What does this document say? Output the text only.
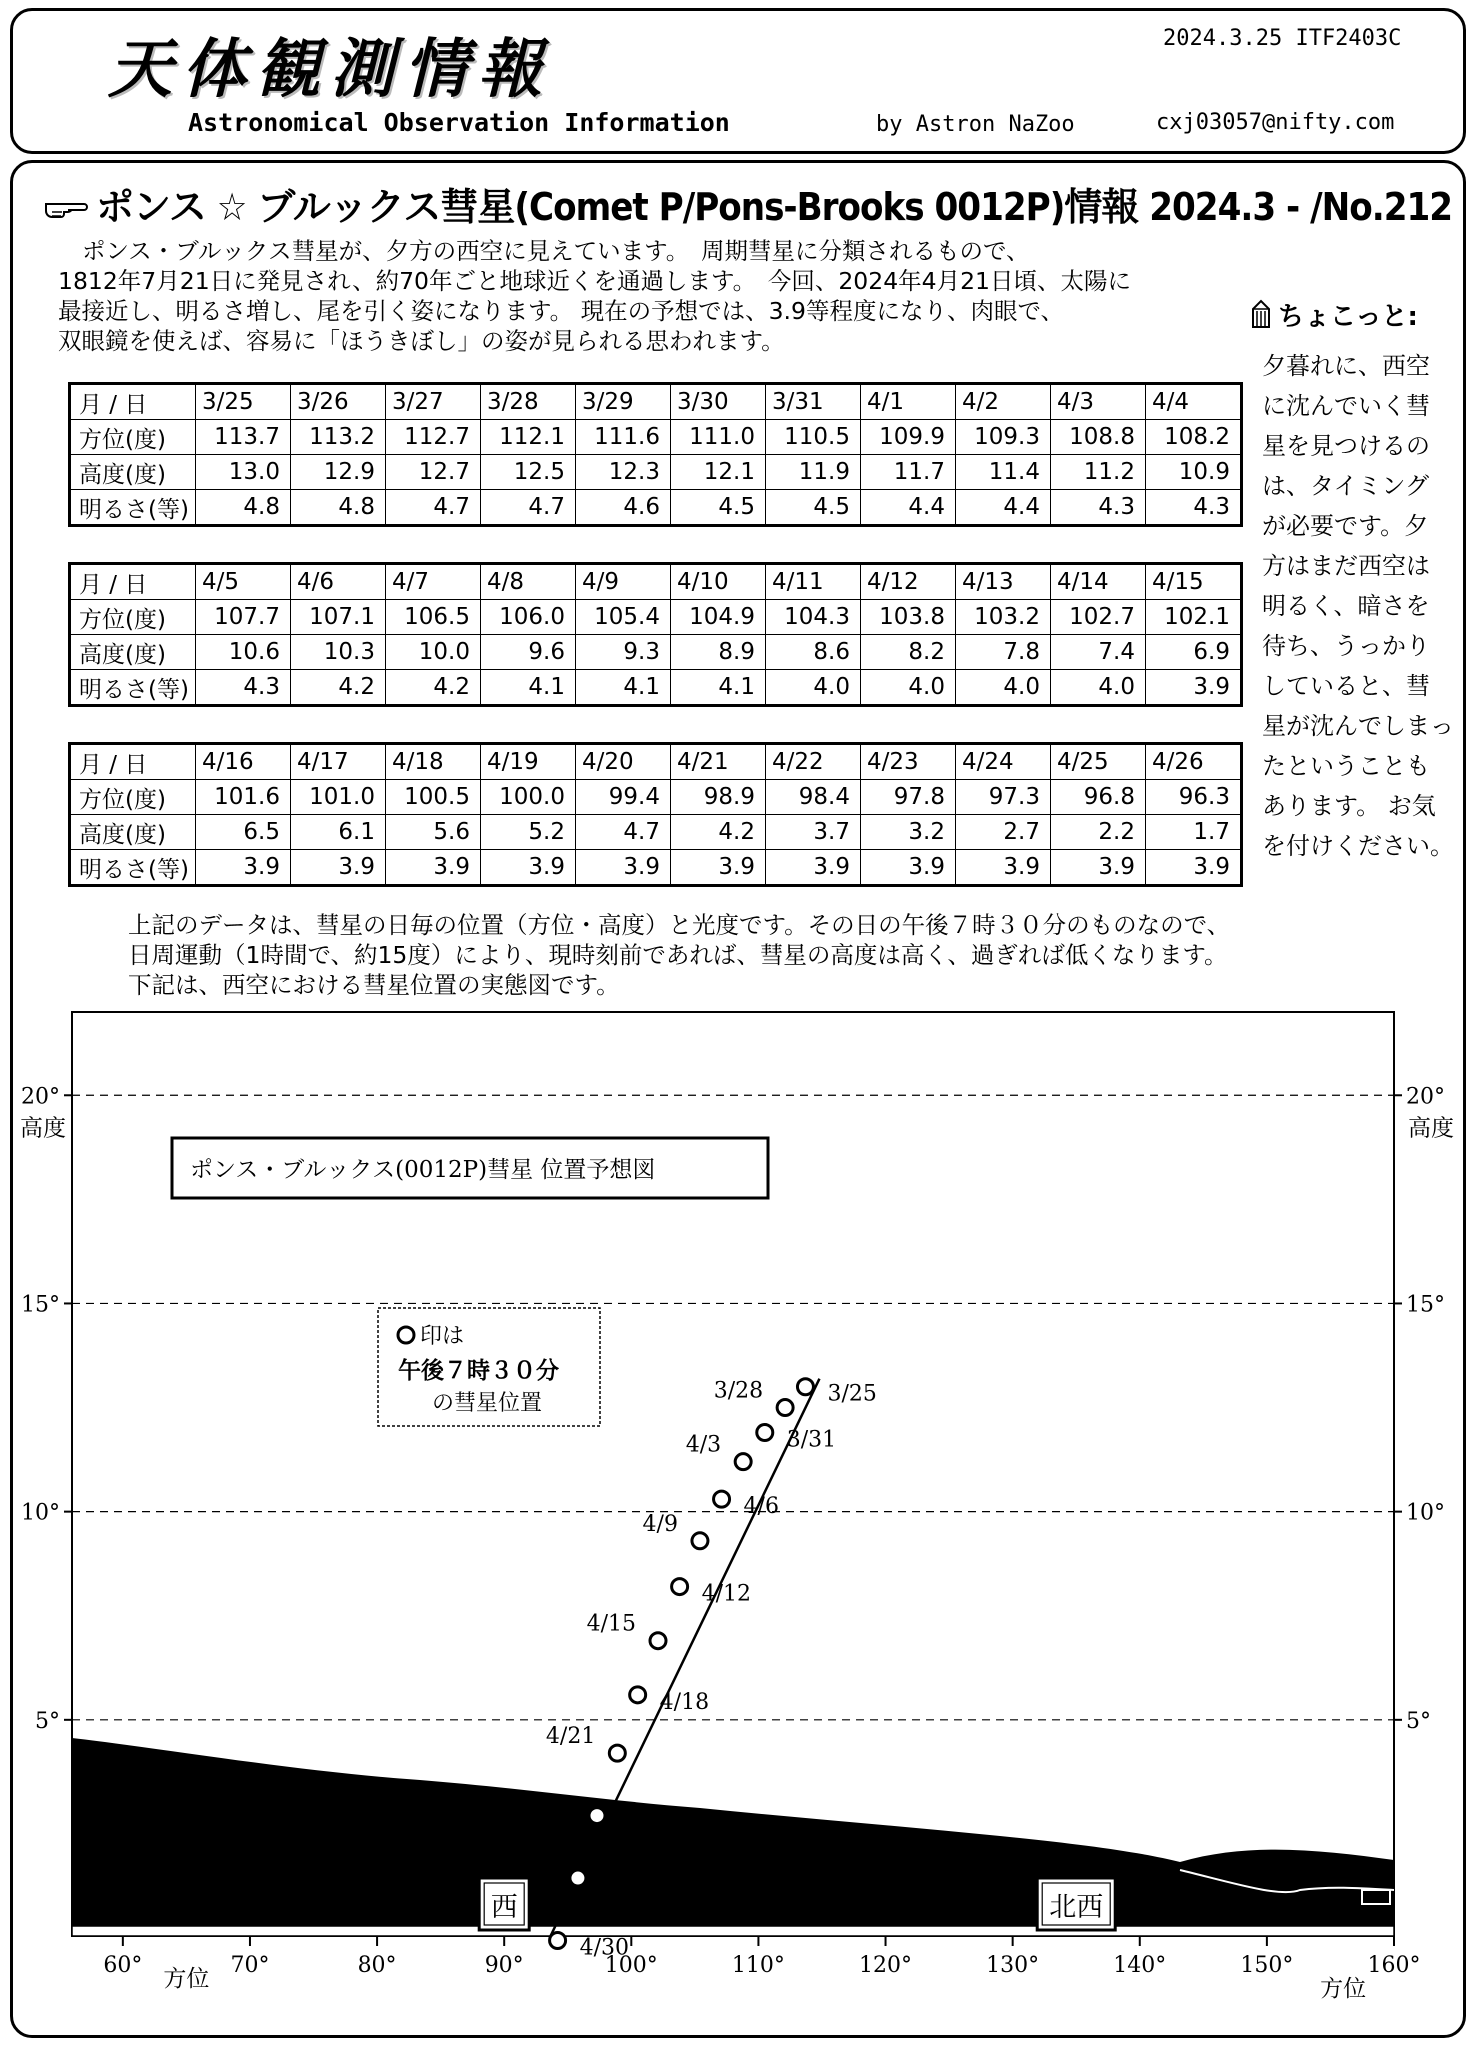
天体観測情報
Astronomical Observation Information	by Astron NaZoo	cxj03057@nifty.com
2024.3.25 ITF2403C
ポンス ☆ ブルックス彗星(Comet P/Pons-Brooks 0012P)情報 2024.3 - /No.212
ポンス・ブルックス彗星が、夕方の西空に見えています。　周期彗星に分類されるもので、
1812年7月21日に発見され、約70年ごと地球近くを通過します。　今回、2024年4月21日頃、太陽に
最接近し、明るさ増し、尾を引く姿になります。 現在の予想では、3.9等程度になり、肉眼で、
双眼鏡を使えば、容易に「ほうきぼし」の姿が見られる思われます。
ちょこっと:
夕暮れに、西空
に沈んでいく彗
星を見つけるの
は、タイミング
が必要です。夕
方はまだ西空は
明るく、暗さを
待ち、うっかり
していると、彗
星が沈んでしまっ
たということも
あります。 お気
を付けください。
月 / 日	3/25	3/26	3/27	3/28	3/29	3/30	3/31	4/1	4/2	4/3	4/4
方位(度)	113.7	113.2	112.7	112.1	111.6	111.0	110.5	109.9	109.3	108.8	108.2
高度(度)	13.0	12.9	12.7	12.5	12.3	12.1	11.9	11.7	11.4	11.2	10.9
明るさ(等)	4.8	4.8	4.7	4.7	4.6	4.5	4.5	4.4	4.4	4.3	4.3
月 / 日	4/5	4/6	4/7	4/8	4/9	4/10	4/11	4/12	4/13	4/14	4/15
方位(度)	107.7	107.1	106.5	106.0	105.4	104.9	104.3	103.8	103.2	102.7	102.1
高度(度)	10.6	10.3	10.0	9.6	9.3	8.9	8.6	8.2	7.8	7.4	6.9
明るさ(等)	4.3	4.2	4.2	4.1	4.1	4.1	4.0	4.0	4.0	4.0	3.9
月 / 日	4/16	4/17	4/18	4/19	4/20	4/21	4/22	4/23	4/24	4/25	4/26
方位(度)	101.6	101.0	100.5	100.0	99.4	98.9	98.4	97.8	97.3	96.8	96.3
高度(度)	6.5	6.1	5.6	5.2	4.7	4.2	3.7	3.2	2.7	2.2	1.7
明るさ(等)	3.9	3.9	3.9	3.9	3.9	3.9	3.9	3.9	3.9	3.9	3.9
上記のデータは、彗星の日毎の位置（方位・高度）と光度です。その日の午後７時３０分のものなので、
日周運動（1時間で、約15度）により、現時刻前であれば、彗星の高度は高く、過ぎれば低くなります。
下記は、西空における彗星位置の実態図です。
西	北西
ポンス・ブルックス(0012P)彗星 位置予想図
印は
午後７時３０分
の彗星位置	3/25
3/28
3/31
4/3
4/6
4/9
4/12
4/15
4/18
4/21
4/24
4/27
4/30
5°	5°
10°	10°
15°	15°
20°	20°
高度	高度
60°	70°	80°	90°	100°	110°	120°	130°	140°	150°	160°
方位	方位
